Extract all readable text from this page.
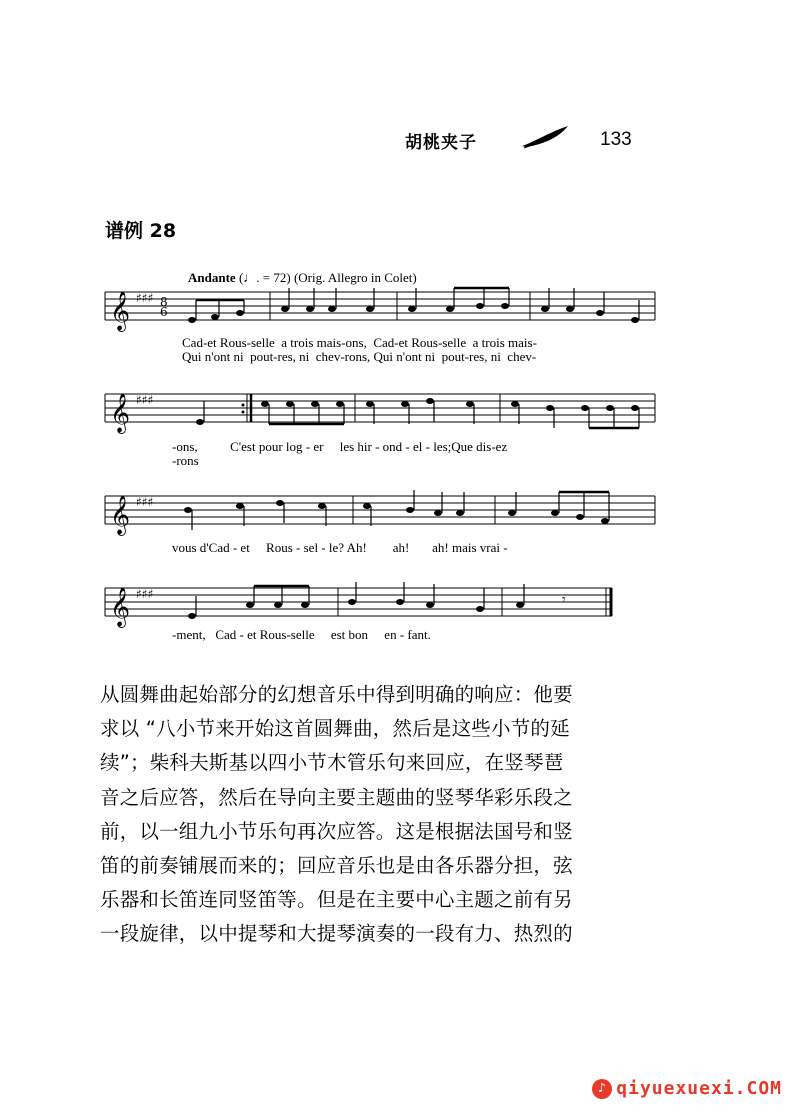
胡桃夹子	133
谱例 28
Andante (♩. = 72) (Orig. Allegro in Colet)
𝄞 ♯♯♯
6
8
Cad-et Rous-selle  a trois mais-ons,  Cad-et Rous-selle  a trois mais-
Qui n'ont ni  pout-res, ni  chev-rons, Qui n'ont ni  pout-res, ni  chev-
𝄞 ♯♯♯
-ons,          C'est pour log - er     les hir - ond - el - les;Que dis-ez
-rons
𝄞 ♯♯♯
vous d'Cad - et     Rous - sel - le? Ah!        ah!       ah! mais vrai -
𝄞 ♯♯♯	𝄾
-ment,   Cad - et Rous-selle     est bon     en - fant.
从圆舞曲起始部分的幻想音乐中得到明确的响应：他要
求以 “八小节来开始这首圆舞曲，然后是这些小节的延
续”；柴科夫斯基以四小节木管乐句来回应，在竖琴琶
音之后应答，然后在导向主要主题曲的竖琴华彩乐段之
前，以一组九小节乐句再次应答。这是根据法国号和竖
笛的前奏铺展而来的；回应音乐也是由各乐器分担，弦
乐器和长笛连同竖笛等。但是在主要中心主题之前有另
一段旋律，以中提琴和大提琴演奏的一段有力、热烈的
♪ qiyuexuexi.COM
